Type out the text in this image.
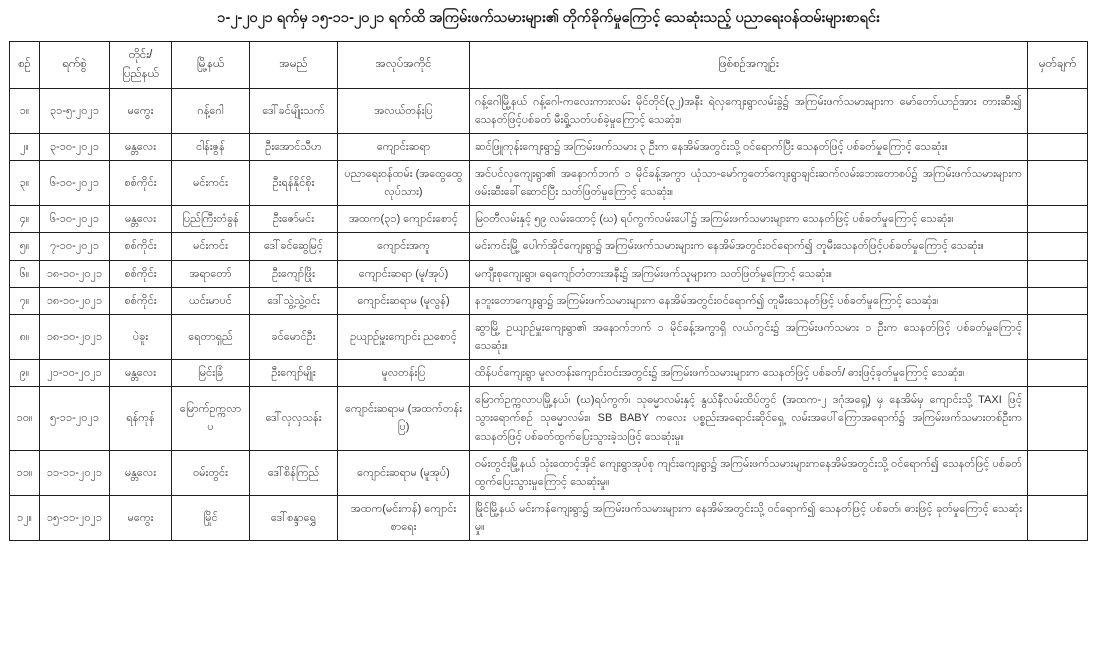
၁-၂-၂၀၂၁ ရက်မှ ၁၅-၁၁-၂၀၂၁ ရက်ထိ အကြမ်းဖက်သမားများ၏ တိုက်ခိုက်မှုကြောင့် သေဆုံးသည့် ပညာရေးဝန်ထမ်းများစာရင်း
စဉ်	ရက်စွဲ	တိုင်း/ ပြည်နယ်	မြို့နယ်	အမည်	အလုပ်အကိုင်	ဖြစ်စဉ်အကျဉ်း	မှတ်ချက်
၁။	၃၁-၅-၂၀၂၁	မကွေး	ဂန့်ဂေါ	ဒေါ်ခင်မျိုးသက်	အလယ်တန်းပြ	ဂန့်ဂေါမြို့နယ် ဂန့်ဂေါ-ကလေးကားလမ်း မိုင်တိုင်(၃၂)အနီး ရဲလှကျေးရွာလမ်းခွဲ၌ အကြမ်းဖက်သမားများက မော်တော်ယာဉ်အား တားဆီး၍ သေနတ်ဖြင့်ပစ်ခတ် မီးရှို့သတ်ပစ်ခဲ့မှုကြောင့် သေဆုံး။	
၂။	၃-၁၀-၂၀၂၁	မန္တလေး	ငါန်းဇွန်	ဦးအောင်သီဟ	ကျောင်းဆရာ	ဆင်ဖြူကုန်းကျေးရွာ၌ အကြမ်းဖက်သမား ၃ ဦးက နေအိမ်အတွင်းသို့ ဝင်ရောက်ပြီး သေနတ်ဖြင့် ပစ်ခတ်မှုကြောင့် သေဆုံး။	
၃။	၆-၁၀-၂၀၂၁	စစ်ကိုင်း	မင်းကင်း	ဦးရန်နိုင်စိုး	ပညာရေးဝန်ထမ်း (အထွေထွေလုပ်သား)	အင်ပင်လှကျေးရွာ၏ အနောက်ဘက် ၁ မိုင်ခန့်အကွာ ယုံသာ-မော်ကွတော်ကျေးရွာချင်းဆက်လမ်းဘေးတောစပ်၌ အကြမ်းဖက်သမားများက ဖမ်းဆီးခေါ်ဆောင်ပြီး သတ်ဖြတ်မှုကြောင့် သေဆုံး။	
၄။	၆-၁၀-၂၀၂၁	မန္တလေး	ပြည်ကြီးတံခွန်	ဦးဇော်မင်း	အထက(၃၁) ကျောင်းစောင့်	မြဝတီလမ်းနှင့် ၅၉ လမ်းထောင့် (ဃ) ရပ်ကွက်လမ်းပေါ်၌ အကြမ်းဖက်သမားများက သေနတ်ဖြင့် ပစ်ခတ်မှုကြောင့် သေဆုံး။	
၅။	၇-၁၀-၂၀၂၁	စစ်ကိုင်း	မင်းကင်း	ဒေါ်ခင်ဆွေမြင့်	ကျောင်းအကူ	မင်းကင်းမြို့ ပေါက်အိုင်ကျေးရွာ၌ အကြမ်းဖက်သမားများက နေအိမ်အတွင်းဝင်ရောက်၍ တူမီးသေနတ်ဖြင့်ပစ်ခတ်မှုကြောင့် သေဆုံး။	
၆။	၁၈-၁၀-၂၀၂၁	စစ်ကိုင်း	အရာတော်	ဦးကျော်ဖြိုး	ကျောင်းဆရာ (မူ/အုပ်)	မကျီးစုကျေးရွာ၊ ရေကျော်တံတားအနီး၌ အကြမ်းဖက်သူများက သတ်ဖြတ်မှုကြောင့် သေဆုံး။	
၇။	၁၈-၁၀-၂၀၂၁	စစ်ကိုင်း	ယင်းမာပင်	ဒေါ်သွဲ့သွဲ့ဝင်း	ကျောင်းဆရာမ (မူလွန်)	နဘူးတောကျေးရွာ၌ အကြမ်းဖက်သမားများက နေအိမ်အတွင်းဝင်ရောက်၍ တူမီးသေနတ်ဖြင့် ပစ်ခတ်မှုကြောင့် သေဆုံး။	
၈။	၁၈-၁၀-၂၀၂၁	ပဲခူး	ရေတာရှည်	ခင်မောင်ဦး	ဥယျာဉ်မှူးကျောင်း ညစောင့်	ဆွာမြို့ ဥယျာဉ်မှူးကျေးရွာ၏ အနောက်ဘက် ၁ မိုင်ခန့်အကွာရှိ လယ်ကွင်း၌ အကြမ်းဖက်သမား ၁ ဦးက သေနတ်ဖြင့် ပစ်ခတ်မှုကြောင့် သေဆုံး။	
၉။	၂၁-၁၀-၂၀၂၁	မန္တလေး	မြင်းခြံ	ဦးကျော်မျိုး	မူလတန်းပြ	ထိန်ပင်ကျေးရွာ မူလတန်းကျောင်းဝင်းအတွင်း၌ အကြမ်းဖက်သမားများက သေနတ်ဖြင့် ပစ်ခတ်/ ဓားဖြင့်ခုတ်မှုကြောင့် သေဆုံး။	
၁၀။	၅-၁၁-၂၀၂၁	ရန်ကုန်	မြောက်ဥက္ကလာပ	ဒေါ်လှလှသန်း	ကျောင်းဆရာမ (အထက်တန်းပြ)	မြောက်ဥက္ကလာပမြို့နယ်၊ (ဃ)ရပ်ကွက်၊ သုဓမ္မာလမ်းနှင့် နွယ်နီလမ်းထိပ်တွင် (အထက-၂ ဒဂုံအရှေ့) မှ နေအိမ်မှ ကျောင်းသို့ TAXI ဖြင့် သွားရောက်စဉ် သုဓမ္မာလမ်း။ SB BABY ကလေး ပစ္စည်းအရောင်းဆိုင်ရှေ့ လမ်းအပေါ်ကြောအရောက်၌ အကြမ်းဖက်သမားတစ်ဦးက သေနတ်ဖြင့် ပစ်ခတ်ထွက်ပြေးသွားခဲ့သဖြင့် သေဆုံးမှု။	
၁၁။	၁၁-၁၁-၂၀၂၁	မန္တလေး	ဝမ်းတွင်း	ဒေါ်စိန်ကြည်	ကျောင်းဆရာမ (မူအုပ်)	ဝမ်းတွင်းမြို့နယ် သုံးထောင့်အိုင် ကျေးရွာအုပ်စု ကျင်းကျေးရွာ၌ အကြမ်းဖက်သမားများကနေအိမ်အတွင်းသို့ ဝင်ရောက်၍ သေနတ်ဖြင့် ပစ်ခတ်ထွက်ပြေးသွားမှုကြောင့် သေဆုံးမှု။	
၁၂။	၁၅-၁၁-၂၀၂၁	မကွေး	မြိုင်	ဒေါ်စန္ဒာရွှေ	အထက(မင်းကန်) ကျောင်းစာရေး	မြိုင်မြို့နယ် မင်းကန်ကျေးရွာ၌ အကြမ်းဖက်သမားများက နေအိမ်အတွင်းသို့ ဝင်ရောက်၍ သေနတ်ဖြင့် ပစ်ခတ်၊ ဓားဖြင့် ခုတ်မှုကြောင့် သေဆုံးမှု။	
